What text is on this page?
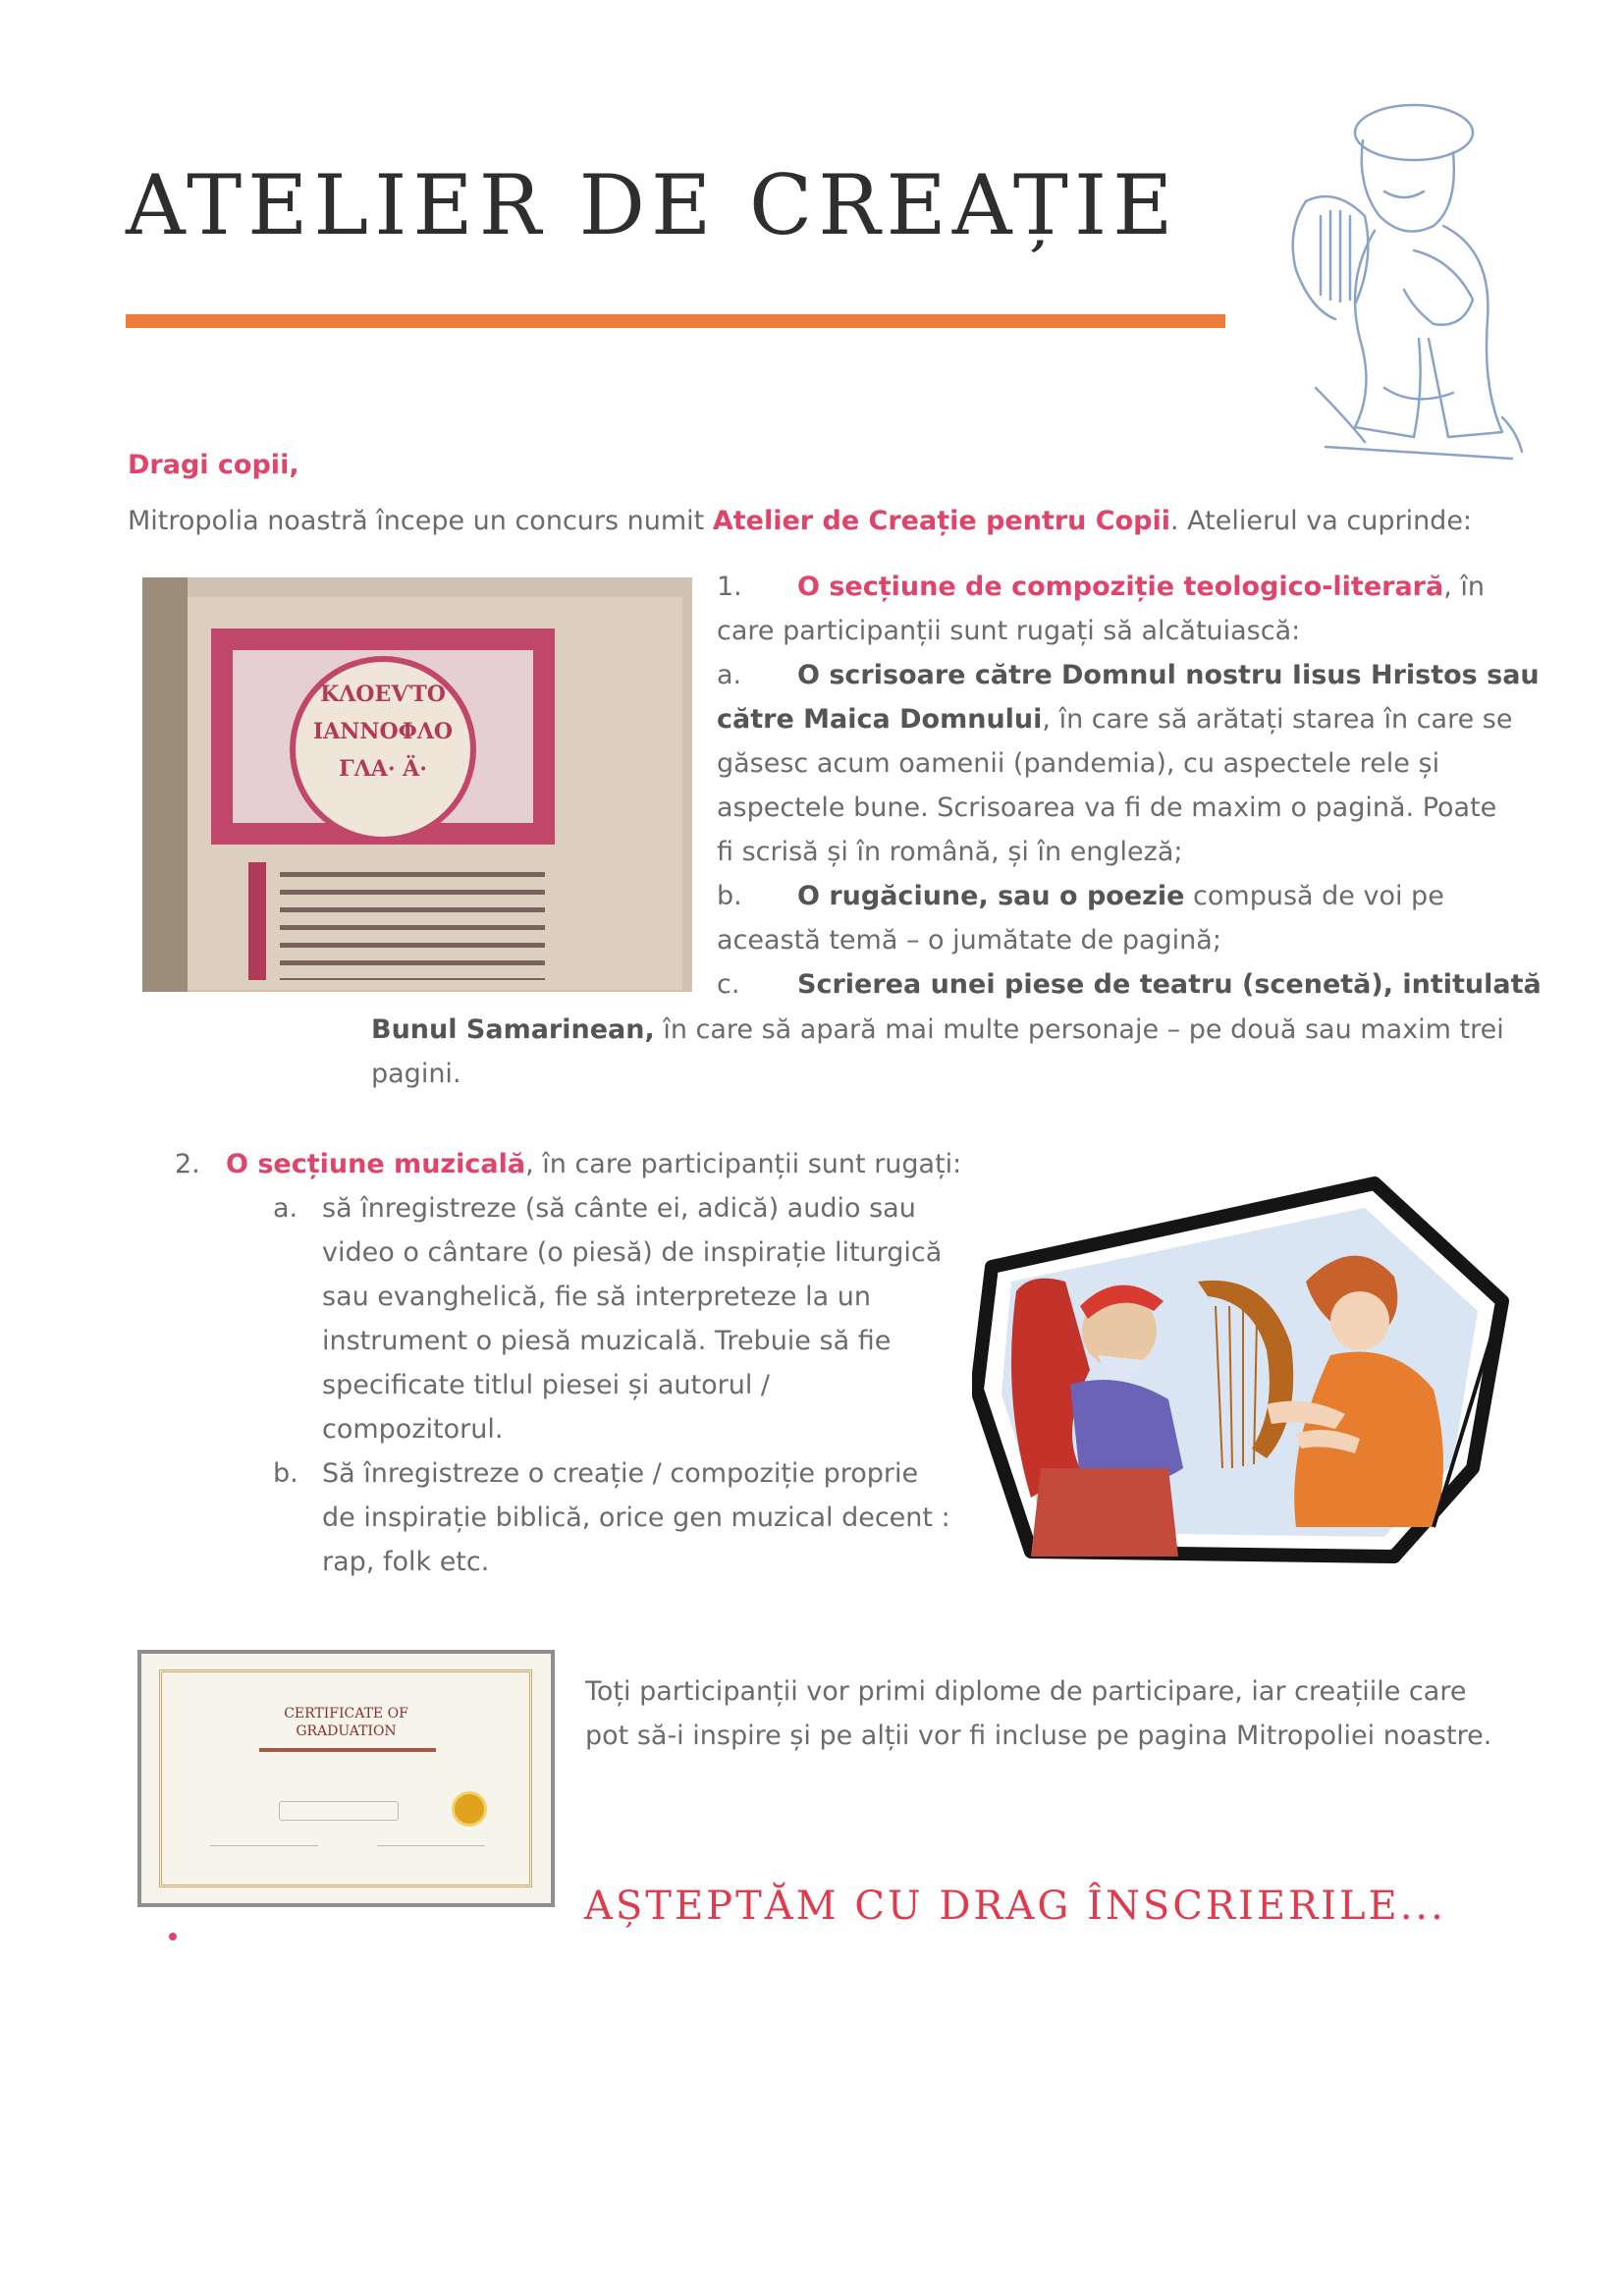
ATELIER DE CREAȚIE
Dragi copii,
Mitropolia noastră începe un concurs numit Atelier de Creație pentru Copii. Atelierul va cuprinde:
ΚΛΟΕѴΤΟ
ΙΑΝΝΟΦΛΟ
ΓΛΑ· Ä·
1. O secțiune de compoziție teologico-literară, în
care participanții sunt rugați să alcătuiască:
a. O scrisoare către Domnul nostru Iisus Hristos sau
către Maica Domnului, în care să arătați starea în care se
găsesc acum oamenii (pandemia), cu aspectele rele și
aspectele bune. Scrisoarea va fi de maxim o pagină. Poate
fi scrisă și în română, și în engleză;
b. O rugăciune, sau o poezie compusă de voi pe
această temă – o jumătate de pagină;
c. Scrierea unei piese de teatru (scenetă), intitulată
Bunul Samarinean, în care să apară mai multe personaje – pe două sau maxim trei
pagini.
2. O secțiune muzicală, în care participanții sunt rugați:
a. să înregistreze (să cânte ei, adică) audio sau
video o cântare (o piesă) de inspirație liturgică
sau evanghelică, fie să interpreteze la un
instrument o piesă muzicală. Trebuie să fie
specificate titlul piesei și autorul /
compozitorul.
b. Să înregistreze o creație / compoziție proprie
de inspirație biblică, orice gen muzical decent :
rap, folk etc.
CERTIFICATE OF
GRADUATION
Toți participanții vor primi diplome de participare, iar creațiile care
pot să-i inspire și pe alții vor fi incluse pe pagina Mitropoliei noastre.
AȘTEPTĂM CU DRAG ÎNSCRIERILE...
